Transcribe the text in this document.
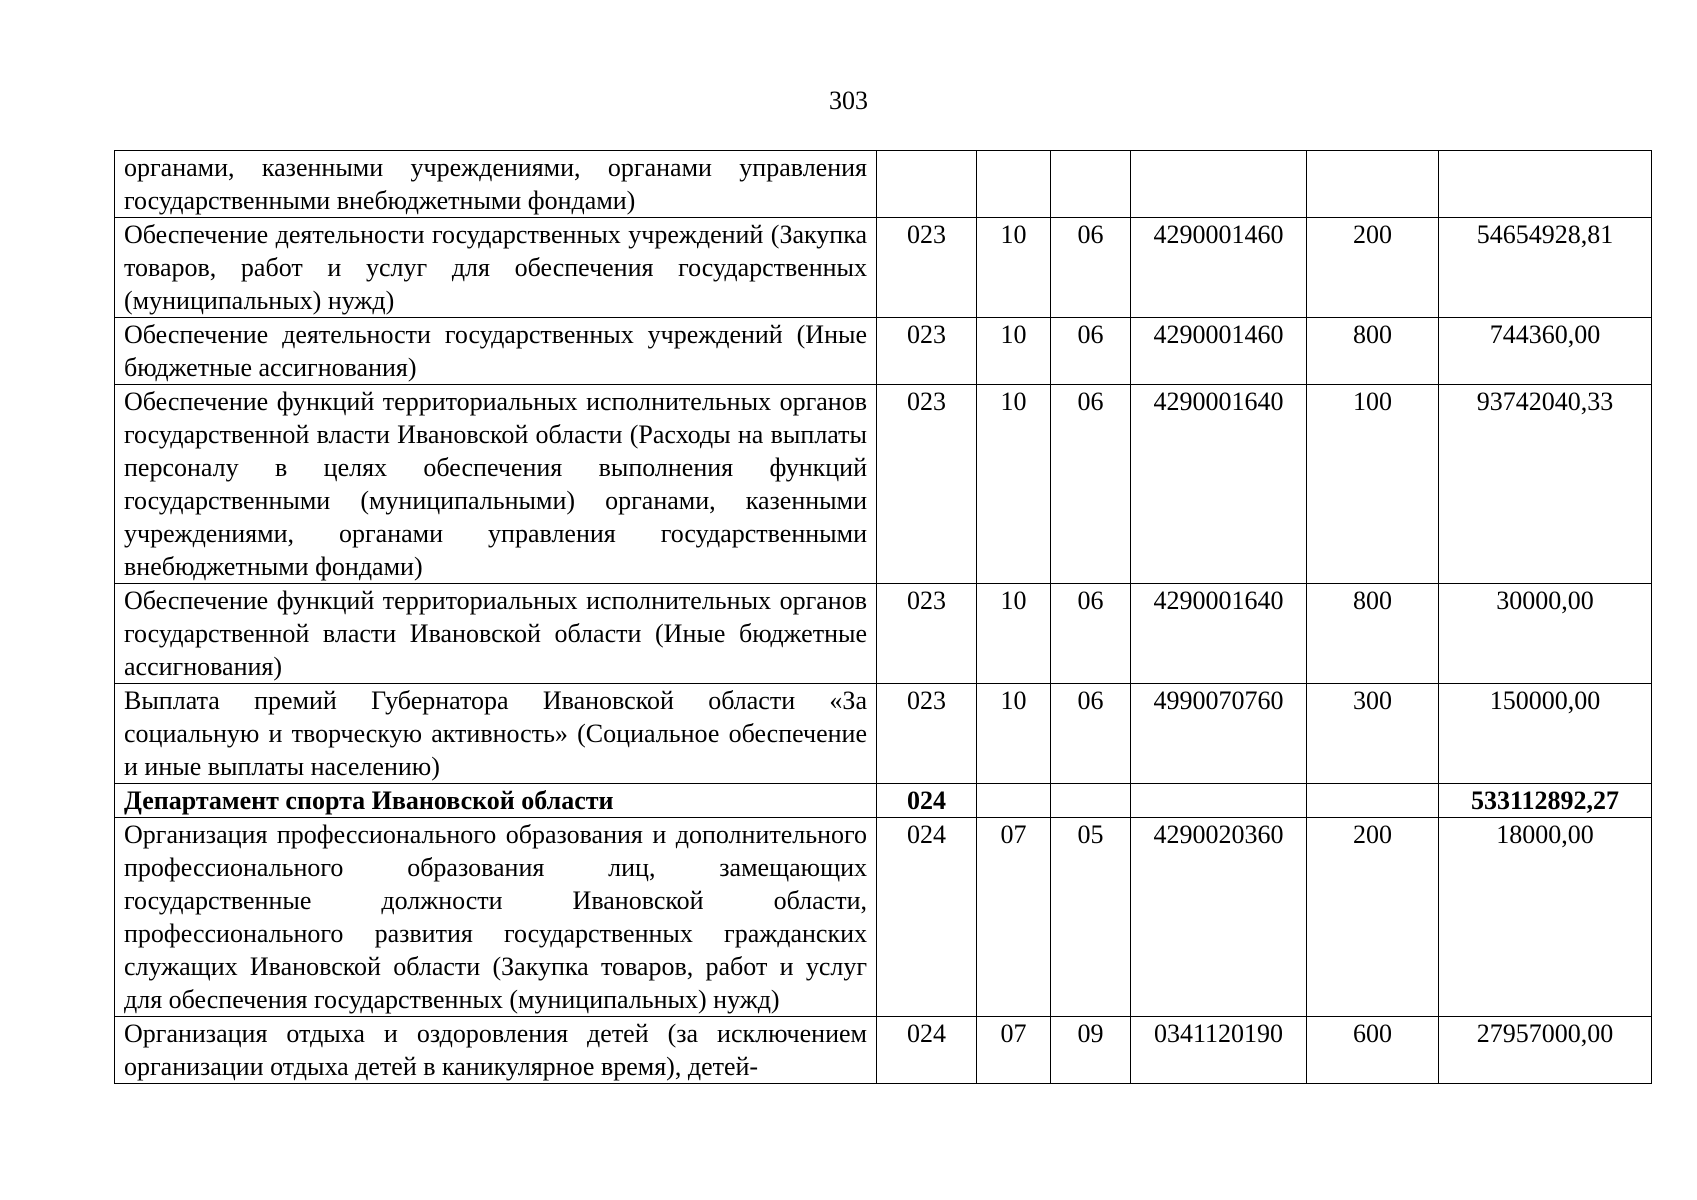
303
органами, казенными учреждениями, органами управления государственными внебюджетными фондами)						
Обеспечение деятельности государственных учреждений (Закупка товаров, работ и услуг для обеспечения государственных (муниципальных) нужд)	023	10	06	4290001460	200	54654928,81
Обеспечение деятельности государственных учреждений (Иные бюджетные ассигнования)	023	10	06	4290001460	800	744360,00
Обеспечение функций территориальных исполнительных органов государственной власти Ивановской области (Расходы на выплаты персоналу в целях обеспечения выполнения функций государственными (муниципальными) органами, казенными учреждениями, органами управления государственными внебюджетными фондами)	023	10	06	4290001640	100	93742040,33
Обеспечение функций территориальных исполнительных органов государственной власти Ивановской области (Иные бюджетные ассигнования)	023	10	06	4290001640	800	30000,00
Выплата премий Губернатора Ивановской области «За социальную и творческую активность» (Социальное обеспечение и иные выплаты населению)	023	10	06	4990070760	300	150000,00
Департамент спорта Ивановской области	024					533112892,27
Организация профессионального образования и дополнительного профессионального образования лиц, замещающих государственные должности Ивановской области, профессионального развития государственных гражданских служащих Ивановской области (Закупка товаров, работ и услуг для обеспечения государственных (муниципальных) нужд)	024	07	05	4290020360	200	18000,00
Организация отдыха и оздоровления детей (за исключением организации отдыха детей в каникулярное время), детей-	024	07	09	0341120190	600	27957000,00
